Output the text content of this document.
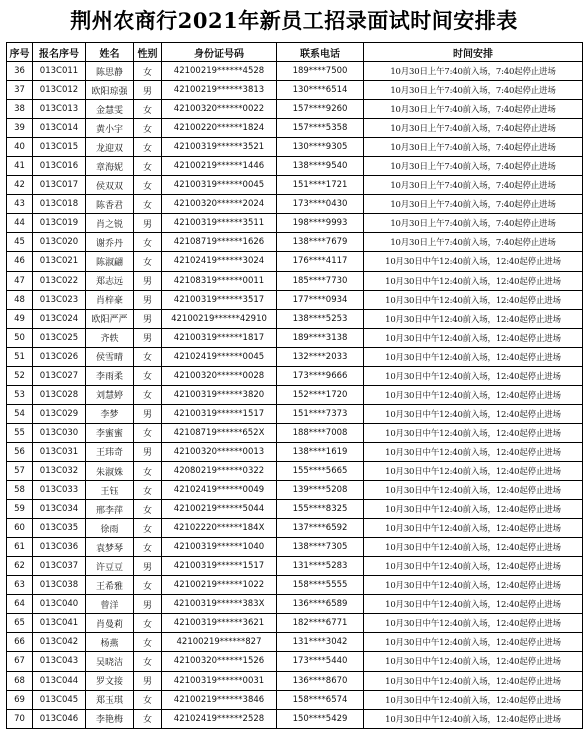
荆州农商行2021年新员工招录面试时间安排表
序号	报名序号	姓名	性别	身份证号码	联系电话	时间安排
36	013C011	陈思静	女	42100219******4528	189****7500	10月30日上午7:40前入场，7:40起停止进场
37	013C012	欧阳琼强	男	42100219******3813	130****6514	10月30日上午7:40前入场，7:40起停止进场
38	013C013	金慧雯	女	42100320******0022	157****9260	10月30日上午7:40前入场，7:40起停止进场
39	013C014	黄小宇	女	42100220******1824	157****5358	10月30日上午7:40前入场，7:40起停止进场
40	013C015	龙迎双	女	42100319******3521	130****9305	10月30日上午7:40前入场，7:40起停止进场
41	013C016	章海妮	女	42100219******1446	138****9540	10月30日上午7:40前入场，7:40起停止进场
42	013C017	侯双双	女	42100319******0045	151****1721	10月30日上午7:40前入场，7:40起停止进场
43	013C018	陈香君	女	42100320******2024	173****0430	10月30日上午7:40前入场，7:40起停止进场
44	013C019	肖之锐	男	42100319******3511	198****9993	10月30日上午7:40前入场，7:40起停止进场
45	013C020	谢乔丹	女	42108719******1626	138****7679	10月30日上午7:40前入场，7:40起停止进场
46	013C021	陈淑翩	女	42102419******3024	176****4117	10月30日中午12:40前入场，12:40起停止进场
47	013C022	郑志远	男	42108319******0011	185****7730	10月30日中午12:40前入场，12:40起停止进场
48	013C023	肖梓豪	男	42100319******3517	177****0934	10月30日中午12:40前入场，12:40起停止进场
49	013C024	欧阳严严	男	42100219******42910	138****5253	10月30日中午12:40前入场，12:40起停止进场
50	013C025	齐轶	男	42100319******1817	189****3138	10月30日中午12:40前入场，12:40起停止进场
51	013C026	侯雪晴	女	42102419******0045	132****2033	10月30日中午12:40前入场，12:40起停止进场
52	013C027	李雨柔	女	42100320******0028	173****9666	10月30日中午12:40前入场，12:40起停止进场
53	013C028	刘慧婷	女	42100319******3820	152****1720	10月30日中午12:40前入场，12:40起停止进场
54	013C029	李梦	男	42100319******1517	151****7373	10月30日中午12:40前入场，12:40起停止进场
55	013C030	李蜜蜜	女	42108719******652X	188****7008	10月30日中午12:40前入场，12:40起停止进场
56	013C031	王玮奇	男	42100320******0013	138****1619	10月30日中午12:40前入场，12:40起停止进场
57	013C032	朱淑姝	女	42080219******0322	155****5665	10月30日中午12:40前入场，12:40起停止进场
58	013C033	王钰	女	42102419******0049	139****5208	10月30日中午12:40前入场，12:40起停止进场
59	013C034	邢李萍	女	42100219******5044	155****8325	10月30日中午12:40前入场，12:40起停止进场
60	013C035	徐雨	女	42102220******184X	137****6592	10月30日中午12:40前入场，12:40起停止进场
61	013C036	袁梦琴	女	42100319******1040	138****7305	10月30日中午12:40前入场，12:40起停止进场
62	013C037	许豆豆	男	42100319******1517	131****5283	10月30日中午12:40前入场，12:40起停止进场
63	013C038	王希雅	女	42100219******1022	158****5555	10月30日中午12:40前入场，12:40起停止进场
64	013C040	曾洋	男	42100319******383X	136****6589	10月30日中午12:40前入场，12:40起停止进场
65	013C041	肖曼莉	女	42100319******3621	182****6771	10月30日中午12:40前入场，12:40起停止进场
66	013C042	杨燕	女	42100219******827	131****3042	10月30日中午12:40前入场，12:40起停止进场
67	013C043	吴晓洁	女	42100320******1526	173****5440	10月30日中午12:40前入场，12:40起停止进场
68	013C044	罗文接	男	42100319******0031	136****8670	10月30日中午12:40前入场，12:40起停止进场
69	013C045	郑玉琪	女	42100219******3846	158****6574	10月30日中午12:40前入场，12:40起停止进场
70	013C046	李艳梅	女	42102419******2528	150****5429	10月30日中午12:40前入场，12:40起停止进场
